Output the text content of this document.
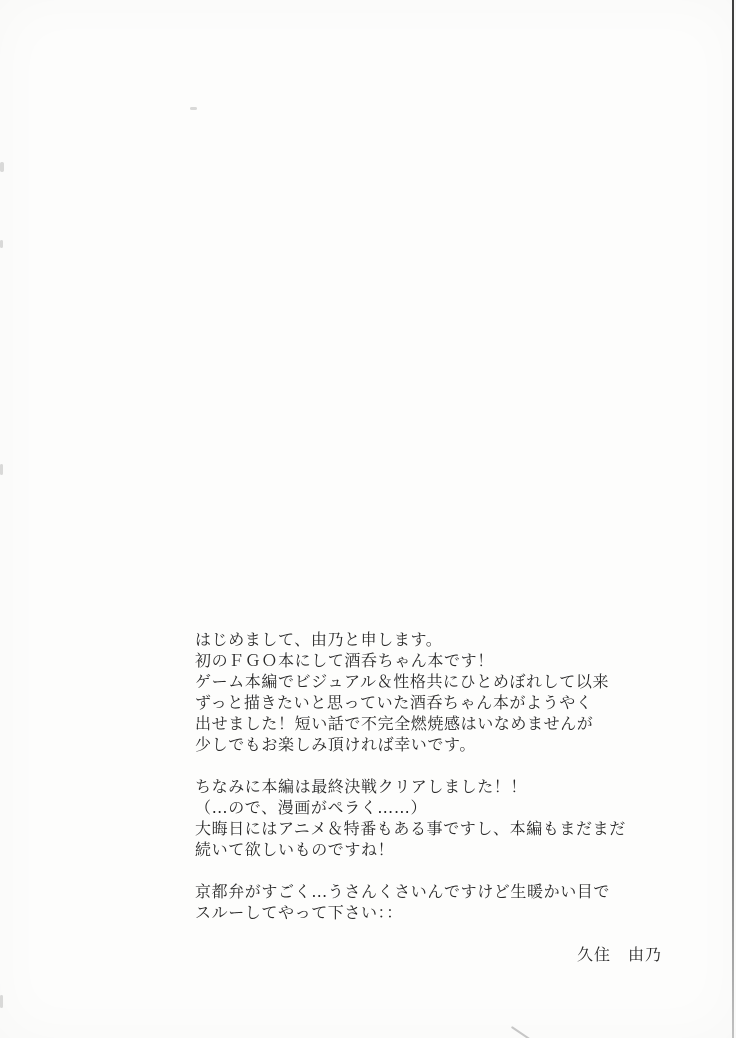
はじめまして、由乃と申します。
初のＦＧＯ本にして酒呑ちゃん本です！
ゲーム本編でビジュアル＆性格共にひとめぼれして以来
ずっと描きたいと思っていた酒呑ちゃん本がようやく
出せました！短い話で不完全燃焼感はいなめませんが
少しでもお楽しみ頂ければ幸いです。

ちなみに本編は最終決戦クリアしました！！
（…ので、漫画がペラく……）
大晦日にはアニメ＆特番もある事ですし、本編もまだまだ
続いて欲しいものですね！

京都弁がすごく…うさんくさいんですけど生暖かい目で
スルーしてやって下さい：：

久住　由乃
